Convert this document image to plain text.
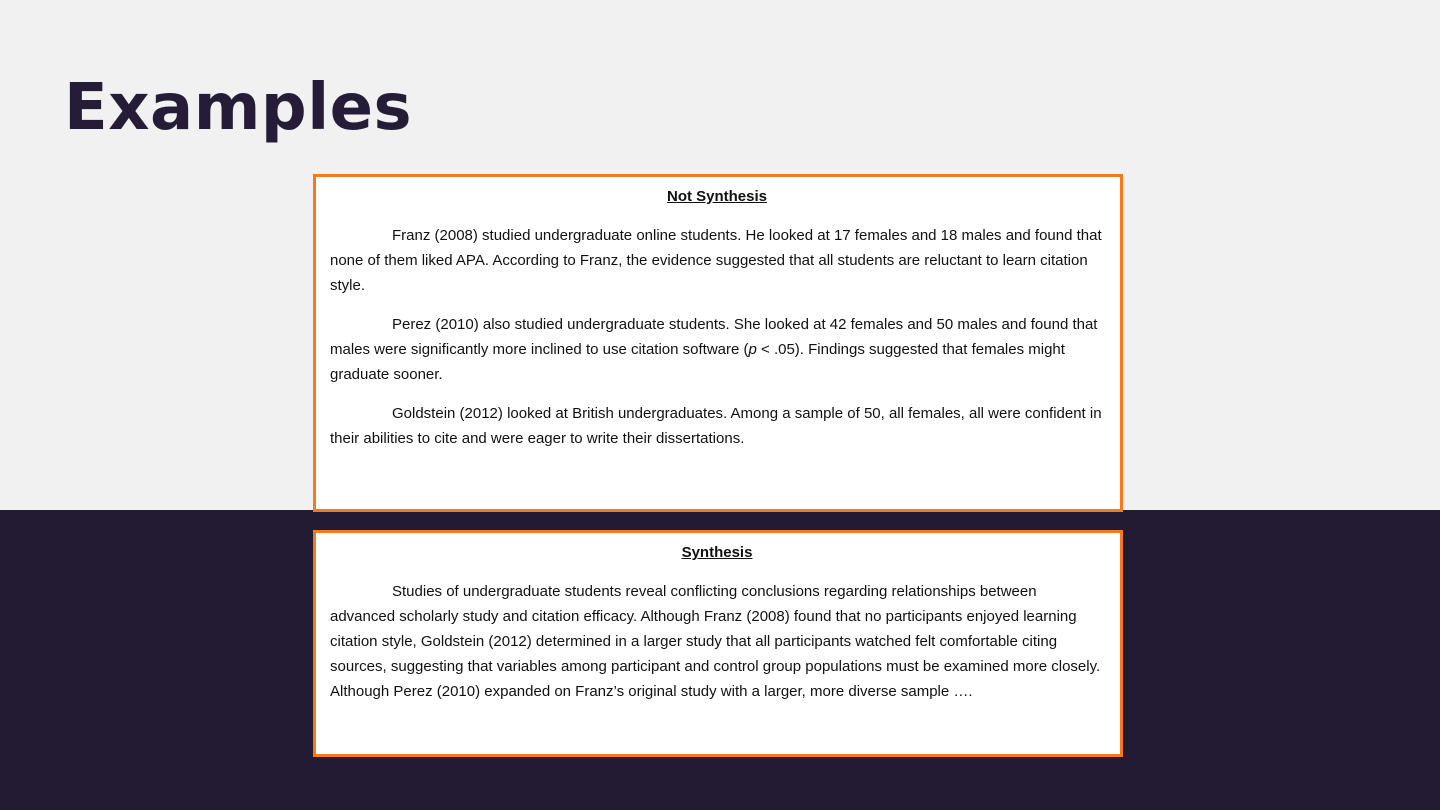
Examples
Not Synthesis

Franz (2008) studied undergraduate online students. He looked at 17 females and 18 males and found that none of them liked APA. According to Franz, the evidence suggested that all students are reluctant to learn citation style.

Perez (2010) also studied undergraduate students. She looked at 42 females and 50 males and found that males were significantly more inclined to use citation software (p < .05). Findings suggested that females might graduate sooner.

Goldstein (2012) looked at British undergraduates. Among a sample of 50, all females, all were confident in their abilities to cite and were eager to write their dissertations.

Synthesis

Studies of undergraduate students reveal conflicting conclusions regarding relationships between advanced scholarly study and citation efficacy. Although Franz (2008) found that no participants enjoyed learning citation style, Goldstein (2012) determined in a larger study that all participants watched felt comfortable citing sources, suggesting that variables among participant and control group populations must be examined more closely. Although Perez (2010) expanded on Franz’s original study with a larger, more diverse sample ….
